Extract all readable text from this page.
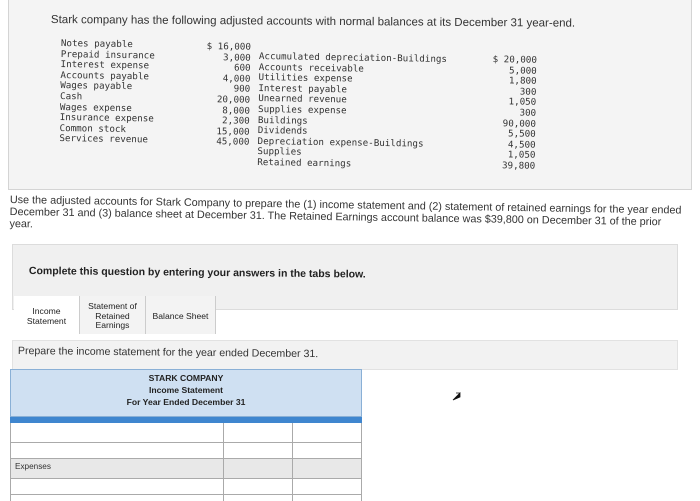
Stark company has the following adjusted accounts with normal balances at its December 31 year-end.
Notes payable
Prepaid insurance
Interest expense
Accounts payable
Wages payable
Cash
Wages expense
Insurance expense
Common stock
Services revenue
$ 16,000
3,000
600
4,000
900
20,000
8,000
2,300
15,000
45,000
Accumulated depreciation-Buildings
Accounts receivable
Utilities expense
Interest payable
Unearned revenue
Supplies expense
Buildings
Dividends
Depreciation expense-Buildings
Supplies
Retained earnings
$ 20,000
5,000
1,800
300
1,050
300
90,000
5,500
4,500
1,050
39,800
Use the adjusted accounts for Stark Company to prepare the (1) income statement and (2) statement of retained earnings for the year ended December 31 and (3) balance sheet at December 31. The Retained Earnings account balance was $39,800 on December 31 of the prior year.
Complete this question by entering your answers in the tabs below.
Income
Statement
Statement of
Retained
Earnings
Balance Sheet
Prepare the income statement for the year ended December 31.
STARK COMPANY
Income Statement
For Year Ended December 31
Expenses
